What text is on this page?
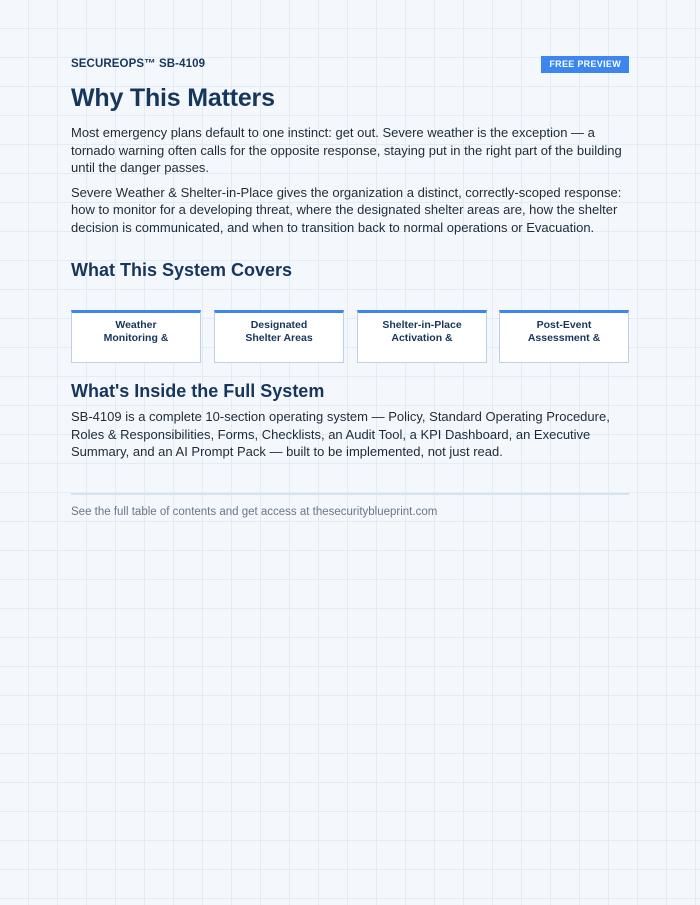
SECUREOPS™ SB-4109	FREE PREVIEW
Why This Matters

Most emergency plans default to one instinct: get out. Severe weather is the exception — a tornado warning often calls for the opposite response, staying put in the right part of the building until the danger passes.

Severe Weather & Shelter-in-Place gives the organization a distinct, correctly-scoped response: how to monitor for a developing threat, where the designated shelter areas are, how the shelter decision is communicated, and when to transition back to normal operations or Evacuation.

What This System Covers
Weather
Monitoring &
Designated
Shelter Areas
Shelter-in-Place
Activation &
Post-Event
Assessment &
What's Inside the Full System

SB-4109 is a complete 10-section operating system — Policy, Standard Operating Procedure, Roles & Responsibilities, Forms, Checklists, an Audit Tool, a KPI Dashboard, an Executive Summary, and an AI Prompt Pack — built to be implemented, not just read.

See the full table of contents and get access at thesecurityblueprint.com
